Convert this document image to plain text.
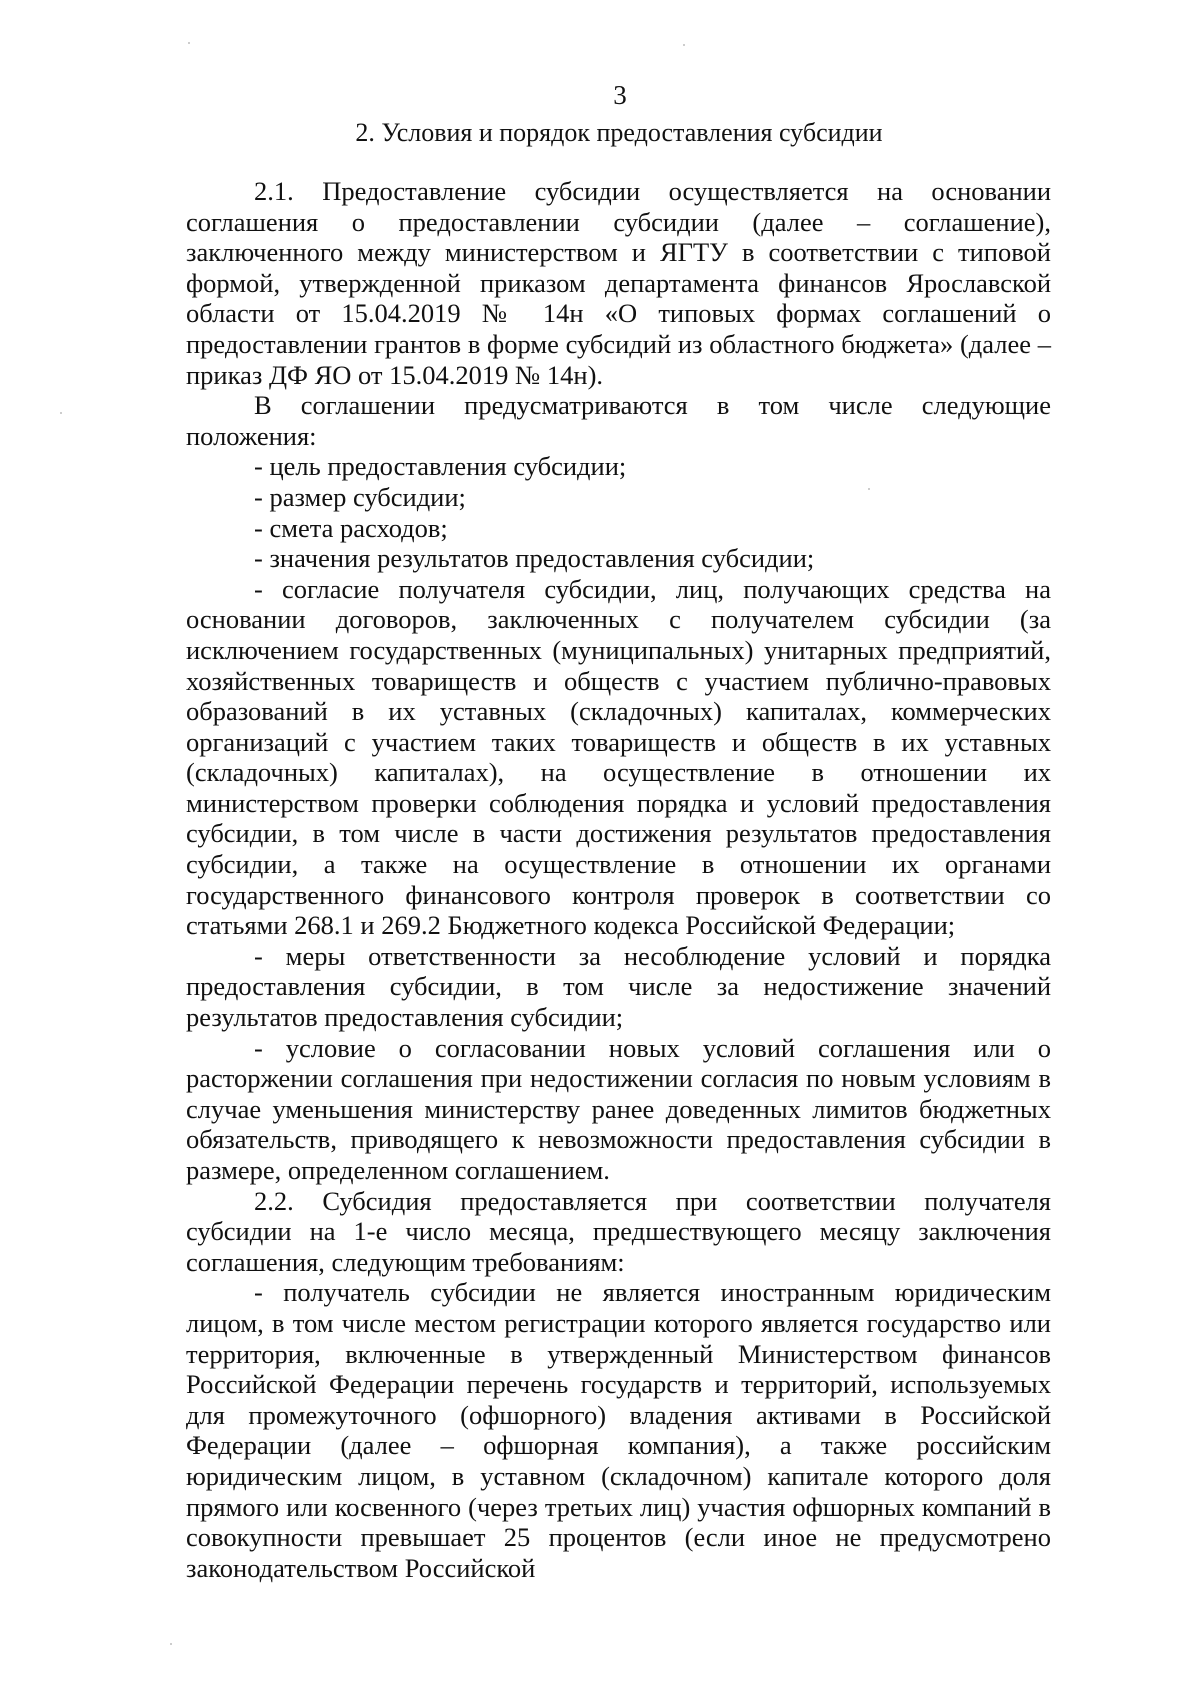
3
2. Условия и порядок предоставления субсидии

2.1. Предоставление субсидии осуществляется на основании соглашения о предоставлении субсидии (далее – соглашение), заключенного между министерством и ЯГТУ в соответствии с типовой формой, утвержденной приказом департамента финансов Ярославской области от 15.04.2019 № 14н «О типовых формах соглашений о предоставлении грантов в форме субсидий из областного бюджета» (далее – приказ ДФ ЯО от 15.04.2019 № 14н).

В соглашении предусматриваются в том числе следующие положения:

- цель предоставления субсидии;

- размер субсидии;

- смета расходов;

- значения результатов предоставления субсидии;

- согласие получателя субсидии, лиц, получающих средства на основании договоров, заключенных с получателем субсидии (за исключением государственных (муниципальных) унитарных предприятий, хозяйственных товариществ и обществ с участием публично-правовых образований в их уставных (складочных) капиталах, коммерческих организаций с участием таких товариществ и обществ в их уставных (складочных) капиталах), на осуществление в отношении их министерством проверки соблюдения порядка и условий предоставления субсидии, в том числе в части достижения результатов предоставления субсидии, а также на осуществление в отношении их органами государственного финансового контроля проверок в соответствии со статьями 268.1 и 269.2 Бюджетного кодекса Российской Федерации;

- меры ответственности за несоблюдение условий и порядка предоставления субсидии, в том числе за недостижение значений результатов предоставления субсидии;

- условие о согласовании новых условий соглашения или о расторжении соглашения при недостижении согласия по новым условиям в случае уменьшения министерству ранее доведенных лимитов бюджетных обязательств, приводящего к невозможности предоставления субсидии в размере, определенном соглашением.

2.2. Субсидия предоставляется при соответствии получателя субсидии на 1-е число месяца, предшествующего месяцу заключения соглашения, следующим требованиям:

- получатель субсидии не является иностранным юридическим лицом, в том числе местом регистрации которого является государство или территория, включенные в утвержденный Министерством финансов Российской Федерации перечень государств и территорий, используемых для промежуточного (офшорного) владения активами в Российской Федерации (далее – офшорная компания), а также российским юридическим лицом, в уставном (складочном) капитале которого доля прямого или косвенного (через третьих лиц) участия офшорных компаний в совокупности превышает 25 процентов (если иное не предусмотрено законодательством Российской
